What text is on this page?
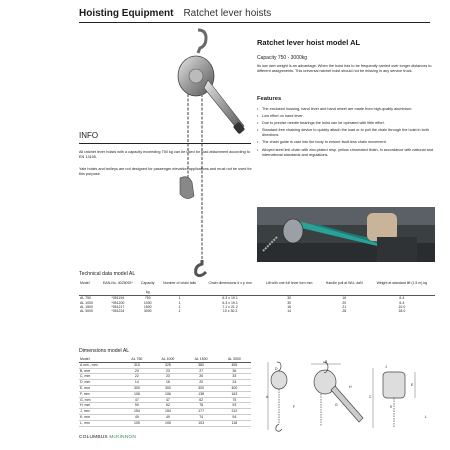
Hoisting Equipment Ratchet lever hoists
Ratchet lever hoist model AL
Capacity 750 - 3000kg
Its low own weight is an advantage. When the hoist has to be frequently carried over longer distances to different assignments. This universal ratchet hoist should not be missing in any service truck.
Features
• The enclosed housing, hand lever and hand wheel are made from high-quality aluminium.
• Low effort on hand lever.
• Due to precise needle bearings the hoist can be operated with little effort.
• Standard free chaining device to quickly attach the load or to pull the chain through the hoist in both directions.
• The chain guide is cast into the body to ensure fault-less chain movement.
• Alloyed steel link chain with zinc-plated resp. yellow chromated finish, in accordance with national and international standards and regulations.
INFO
All ratchet lever hoists with a capacity exceeding 750 kg can be used for load attachment according to EN 13155.
Yale hoists and trolleys are not designed for passenger elevation applications and must not be used for this purpose.
Technical data model AL
Model	EAN-No. 4025092*	Capacity

kg	Number of chain falls	Chain dimensions d x p mm	Lift with one full lever turn mm	Handle pull at WLL daN	Weight at standard lift (1.5 m) kg
AL 750	*051194	750	1	6.3 x 19.1	30	16	6.4
AL 1000	*051200	1000	1	6.3 x 19.1	30	20	6.4
AL 1500	*051217	1500	1	7.1 x 21.2	16	21	10.0
AL 3000	*051224	3000	1	10 x 30.2	14	28	18.0
Dimensions model AL
Model	AL 750	AL 1000	AL 1500	AL 3000
A min., mm	315	325	380	455
B, mm	20	23	27	36
C, mm	22	23	26	33
D, mm	14	16	20	24
E, mm	300	300	300	400
F, mm	106	106	138	163
G, mm	47	47	62	75
H, mm	59	62	78	93
J, mm	154	154	177	212
K, mm	49	49	74	94
L, mm	105	105	103	118
A
B
C
D
E
F	G
H
J
K
L
COLUMBUS McKINNON
